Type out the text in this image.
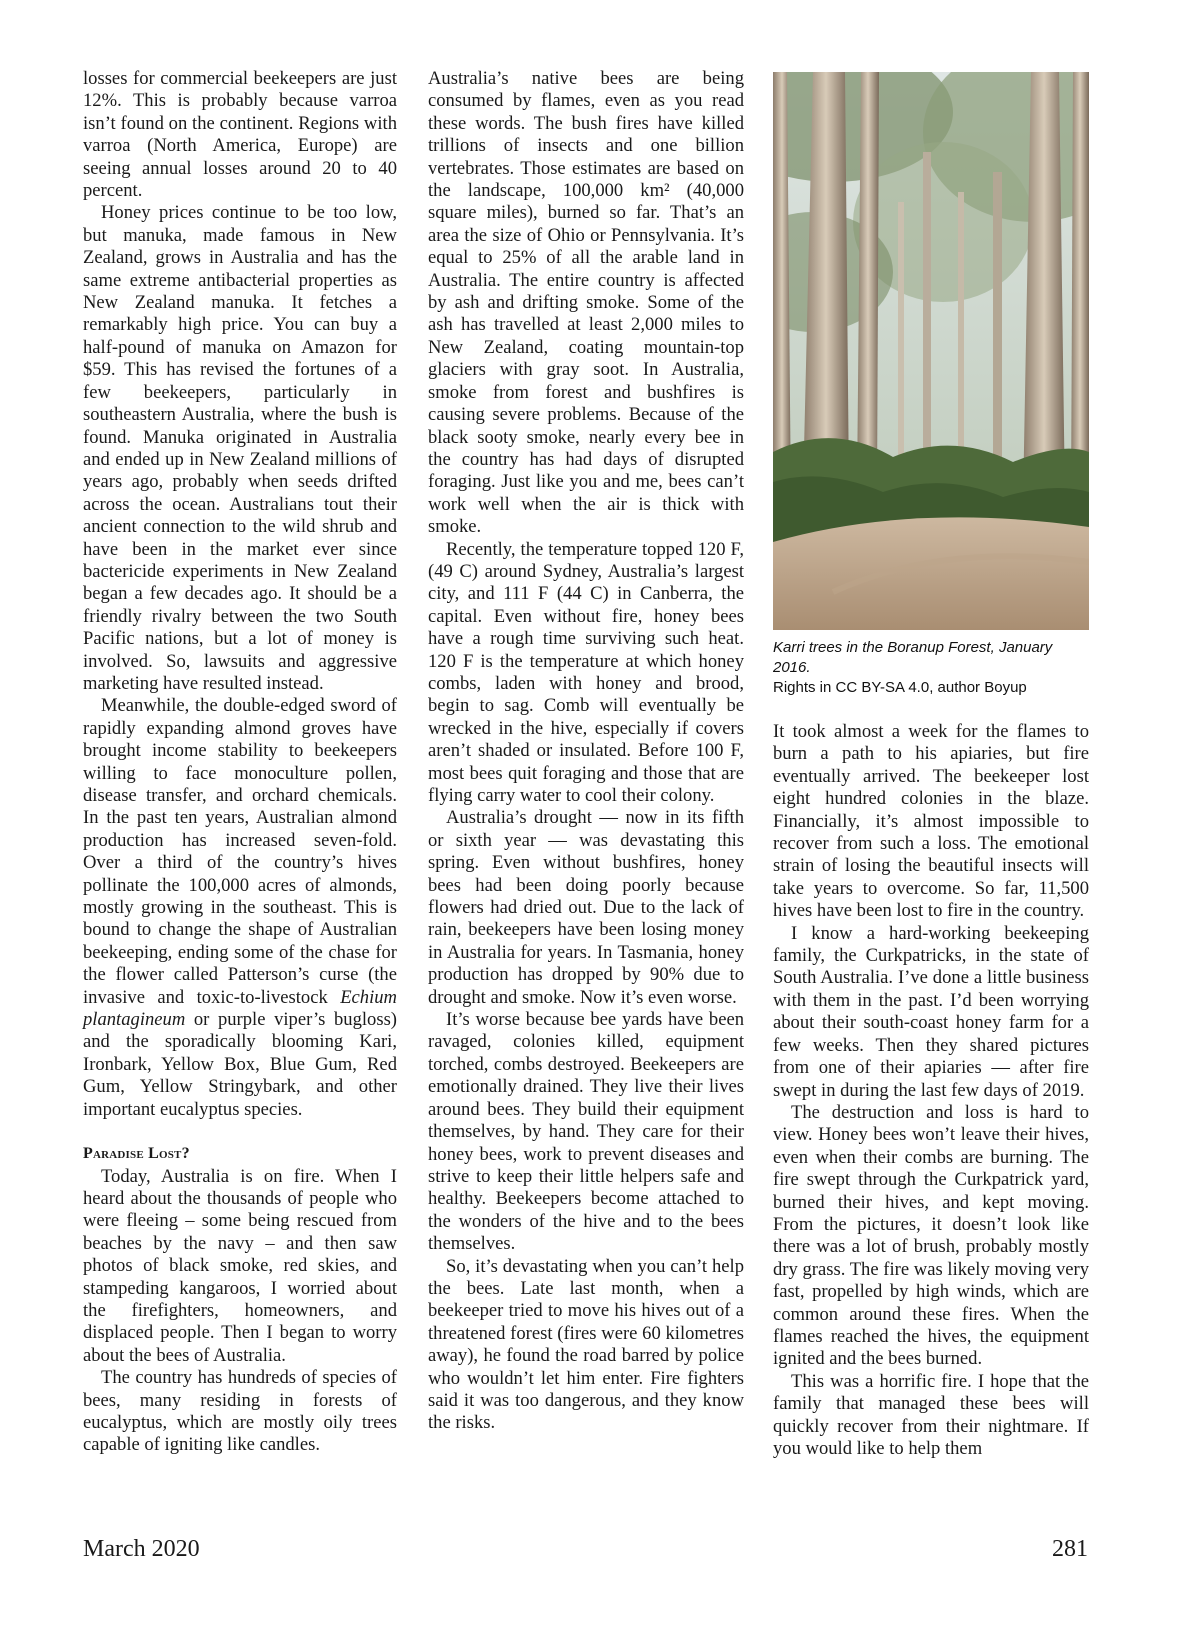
losses for commercial beekeepers are just 12%. This is probably because varroa isn’t found on the continent. Regions with varroa (North America, Europe) are seeing annual losses around 20 to 40 percent.

Honey prices continue to be too low, but manuka, made famous in New Zealand, grows in Australia and has the same extreme antibacterial properties as New Zealand manuka. It fetches a remarkably high price. You can buy a half-pound of manuka on Amazon for $59. This has revised the fortunes of a few beekeepers, particularly in southeastern Australia, where the bush is found. Manuka originated in Australia and ended up in New Zealand millions of years ago, probably when seeds drifted across the ocean. Australians tout their ancient connection to the wild shrub and have been in the market ever since bactericide experiments in New Zealand began a few decades ago. It should be a friendly rivalry between the two South Pacific nations, but a lot of money is involved. So, lawsuits and aggressive marketing have resulted instead.

Meanwhile, the double-edged sword of rapidly expanding almond groves have brought income stability to beekeepers willing to face monoculture pollen, disease transfer, and orchard chemicals. In the past ten years, Australian almond production has increased seven-fold. Over a third of the country’s hives pollinate the 100,000 acres of almonds, mostly growing in the southeast. This is bound to change the shape of Australian beekeeping, ending some of the chase for the flower called Patterson’s curse (the invasive and toxic-to-livestock Echium plantagineum or purple viper’s bugloss) and the sporadically blooming Kari, Ironbark, Yellow Box, Blue Gum, Red Gum, Yellow Stringybark, and other important eucalyptus species.

Paradise Lost?

Today, Australia is on fire. When I heard about the thousands of people who were fleeing – some being rescued from beaches by the navy – and then saw photos of black smoke, red skies, and stampeding kangaroos, I worried about the firefighters, homeowners, and displaced people. Then I began to worry about the bees of Australia.

The country has hundreds of species of bees, many residing in forests of eucalyptus, which are mostly oily trees capable of igniting like candles.

Australia’s native bees are being consumed by flames, even as you read these words. The bush fires have killed trillions of insects and one billion vertebrates. Those estimates are based on the landscape, 100,000 km² (40,000 square miles), burned so far. That’s an area the size of Ohio or Pennsylvania. It’s equal to 25% of all the arable land in Australia. The entire country is affected by ash and drifting smoke. Some of the ash has travelled at least 2,000 miles to New Zealand, coating mountain-top glaciers with gray soot. In Australia, smoke from forest and bushfires is causing severe problems. Because of the black sooty smoke, nearly every bee in the country has had days of disrupted foraging. Just like you and me, bees can’t work well when the air is thick with smoke.

Recently, the temperature topped 120 F, (49 C) around Sydney, Australia’s largest city, and 111 F (44 C) in Canberra, the capital. Even without fire, honey bees have a rough time surviving such heat. 120 F is the temperature at which honey combs, laden with honey and brood, begin to sag. Comb will eventually be wrecked in the hive, especially if covers aren’t shaded or insulated. Before 100 F, most bees quit foraging and those that are flying carry water to cool their colony.

Australia’s drought — now in its fifth or sixth year — was devastating this spring. Even without bushfires, honey bees had been doing poorly because flowers had dried out. Due to the lack of rain, beekeepers have been losing money in Australia for years. In Tasmania, honey production has dropped by 90% due to drought and smoke. Now it’s even worse.

It’s worse because bee yards have been ravaged, colonies killed, equipment torched, combs destroyed. Beekeepers are emotionally drained. They live their lives around bees. They build their equipment themselves, by hand. They care for their honey bees, work to prevent diseases and strive to keep their little helpers safe and healthy. Beekeepers become attached to the wonders of the hive and to the bees themselves.

So, it’s devastating when you can’t help the bees. Late last month, when a beekeeper tried to move his hives out of a threatened forest (fires were 60 kilometres away), he found the road barred by police who wouldn’t let him enter. Fire fighters said it was too dangerous, and they know the risks.

Karri trees in the Boranup Forest, January 2016.
Rights in CC BY-SA 4.0, author Boyup

It took almost a week for the flames to burn a path to his apiaries, but fire eventually arrived. The beekeeper lost eight hundred colonies in the blaze. Financially, it’s almost impossible to recover from such a loss. The emotional strain of losing the beautiful insects will take years to overcome. So far, 11,500 hives have been lost to fire in the country.

I know a hard-working beekeeping family, the Curkpatricks, in the state of South Australia. I’ve done a little business with them in the past. I’d been worrying about their south-coast honey farm for a few weeks. Then they shared pictures from one of their apiaries — after fire swept in during the last few days of 2019.

The destruction and loss is hard to view. Honey bees won’t leave their hives, even when their combs are burning. The fire swept through the Curkpatrick yard, burned their hives, and kept moving. From the pictures, it doesn’t look like there was a lot of brush, probably mostly dry grass. The fire was likely moving very fast, propelled by high winds, which are common around these fires. When the flames reached the hives, the equipment ignited and the bees burned.

This was a horrific fire. I hope that the family that managed these bees will quickly recover from their nightmare. If you would like to help them

March 2020	281
